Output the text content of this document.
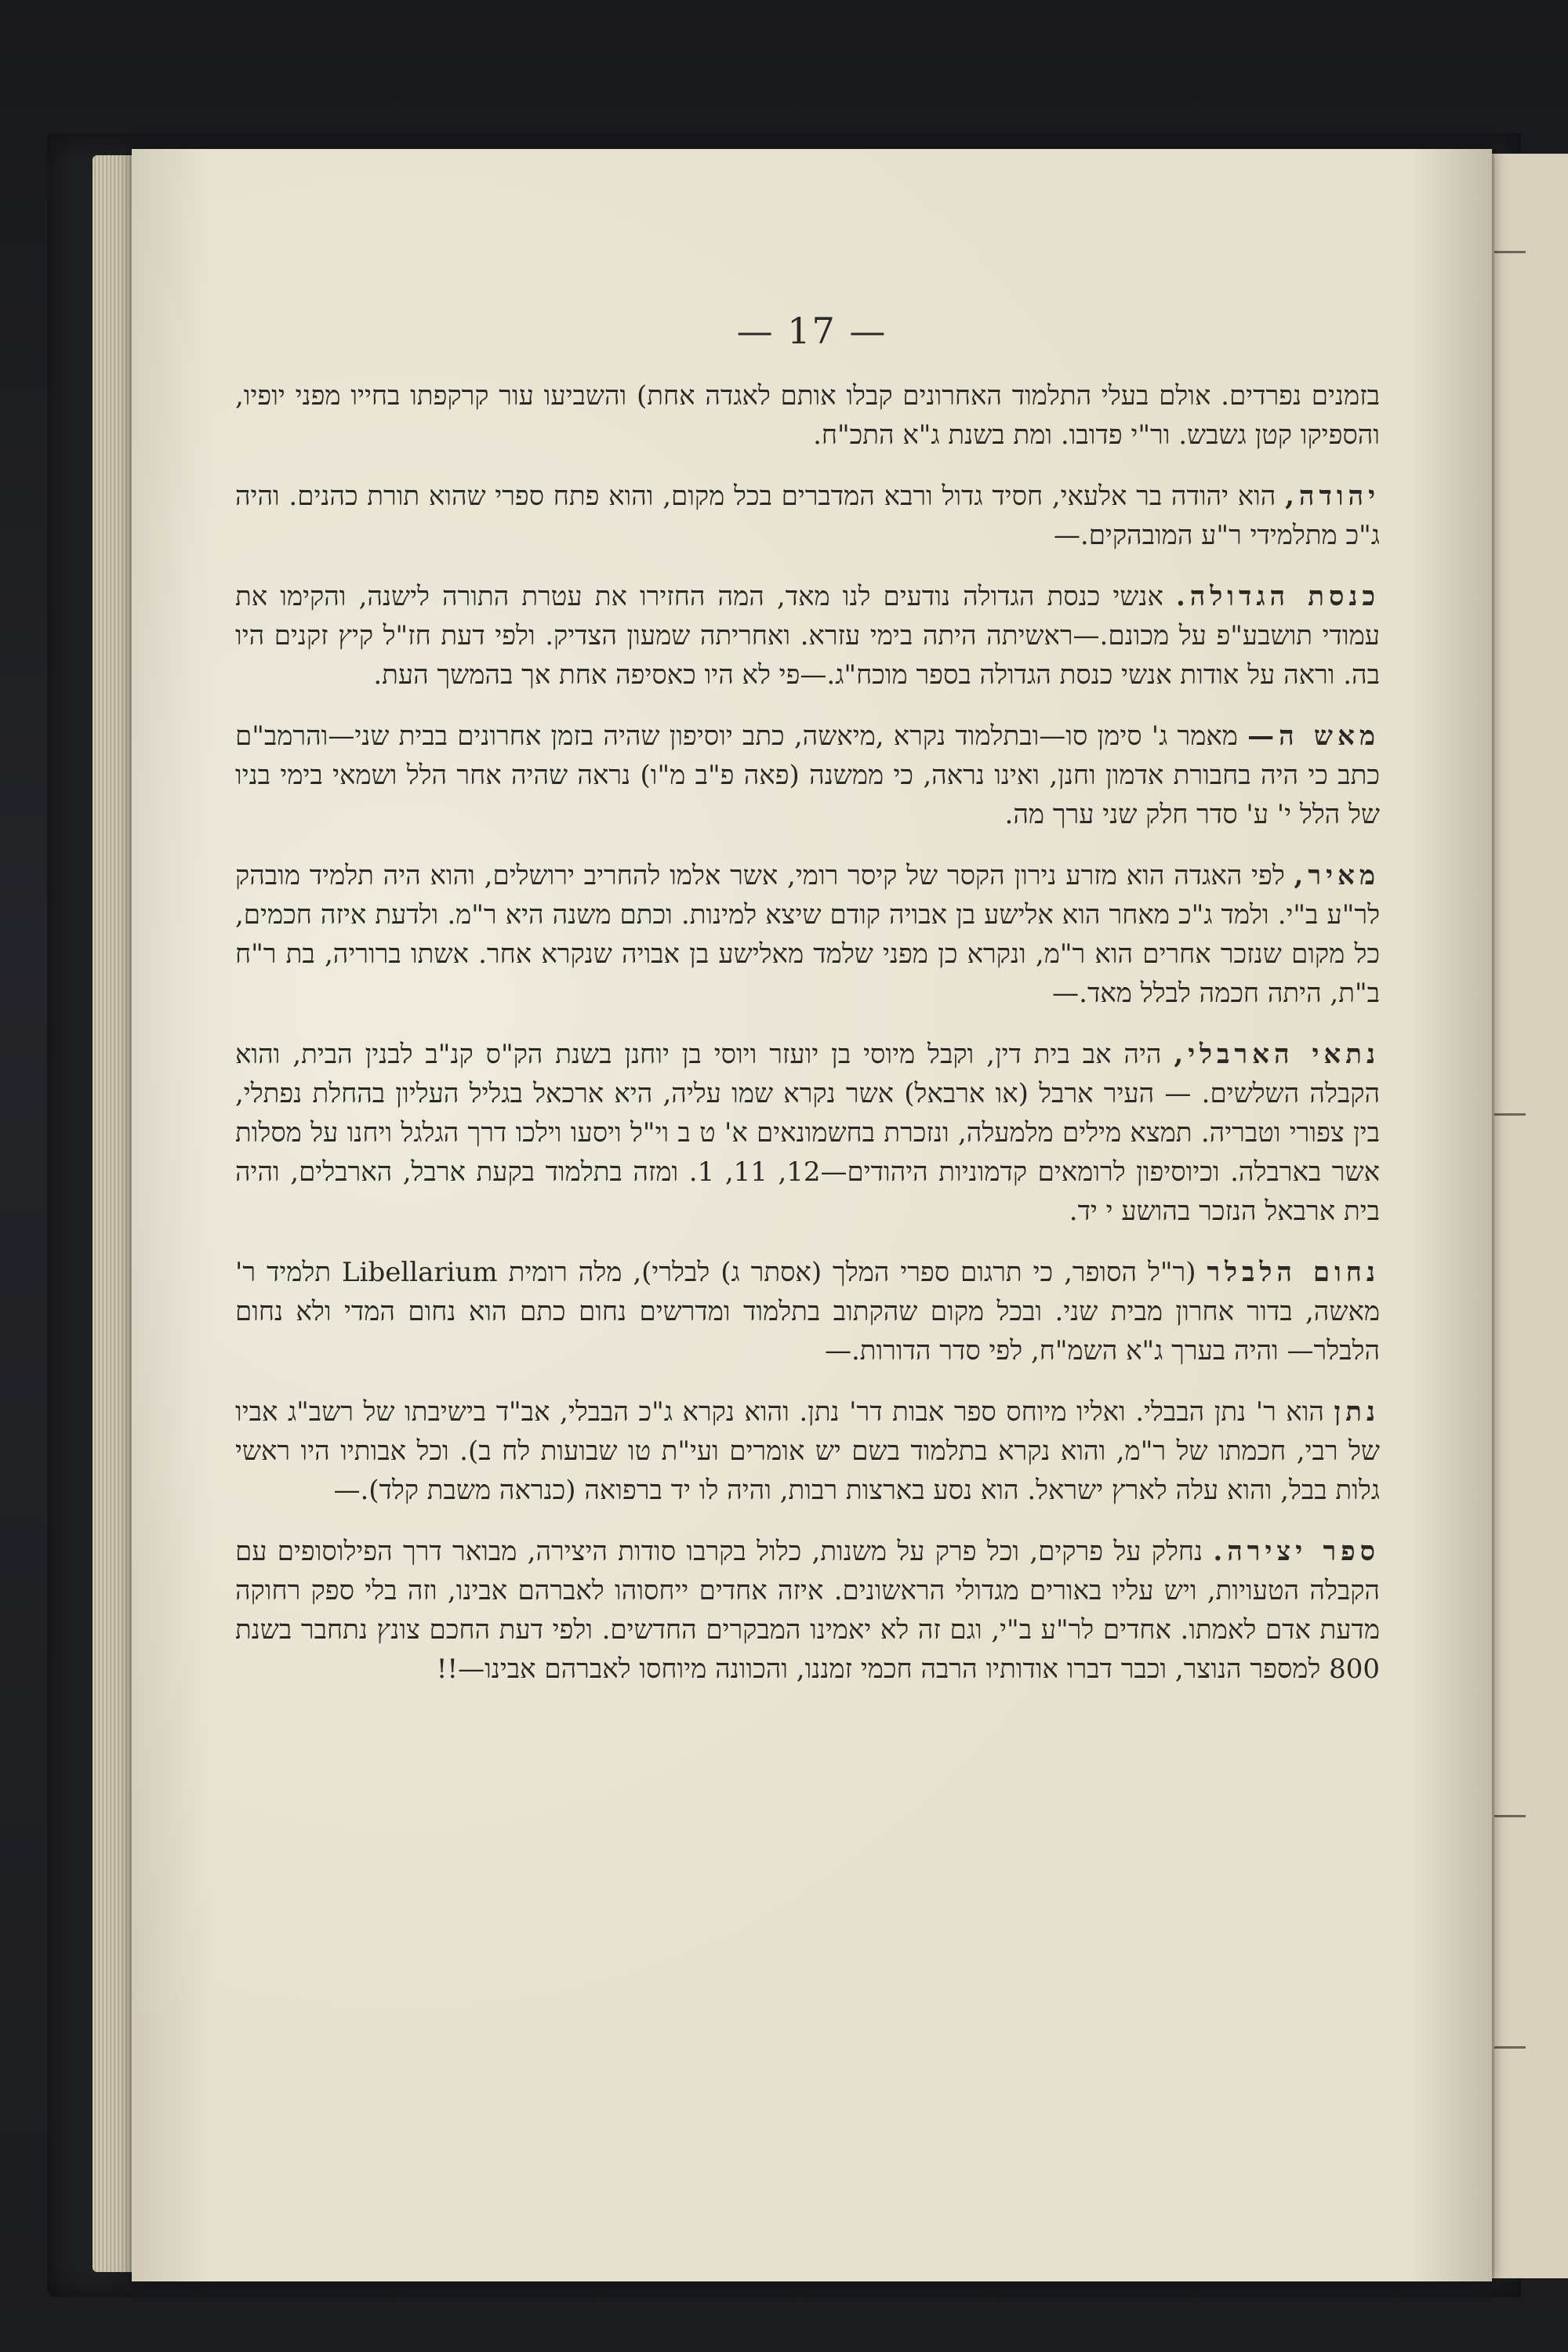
— 17 —

בזמנים נפרדים. אולם בעלי התלמוד האחרונים קבלו אותם לאגדה אחת) והשביעו עור קרקפתו בחייו מפני יופיו, והספיקו קטן גשבש. ור"י פדובו. ומת בשנת ג"א התכ"ח.

יהודה, הוא יהודה בר אלעאי, חסיד גדול ורבא המדברים בכל מקום, והוא פתח ספרי שהוא תורת כהנים. והיה ג"כ מתלמידי ר"ע המובהקים.—

כנסת הגדולה. אנשי כנסת הגדולה נודעים לנו מאד, המה החזירו את עטרת התורה לישנה, והקימו את עמודי תושבע"פ על מכונם.—ראשיתה היתה בימי עזרא. ואחריתה שמעון הצדיק. ולפי דעת חז"ל קיץ זקנים היו בה. וראה על אודות אנשי כנסת הגדולה בספר מוכח"ג.—פי לא היו כאסיפה אחת אך בהמשך העת.

מאש ה— מאמר ג' סימן סו—ובתלמוד נקרא ,מיאשה, כתב יוסיפון שהיה בזמן אחרונים בבית שני—והרמב"ם כתב כי היה בחבורת אדמון וחנן, ואינו נראה, כי ממשנה (פאה פ"ב מ"ו) נראה שהיה אחר הלל ושמאי בימי בניו של הלל י' ע' סדר חלק שני ערך מה.

מאיר, לפי האגדה הוא מזרע נירון הקסר של קיסר רומי, אשר אלמו להחריב ירושלים, והוא היה תלמיד מובהק לר"ע ב"י. ולמד ג"כ מאחר הוא אלישע בן אבויה קודם שיצא למינות. וכתם משנה היא ר"מ. ולדעת איזה חכמים, כל מקום שנזכר אחרים הוא ר"מ, ונקרא כן מפני שלמד מאלישע בן אבויה שנקרא אחר. אשתו ברוריה, בת ר"ח ב"ת, היתה חכמה לבלל מאד.—

נתאי הארבלי, היה אב בית דין, וקבל מיוסי בן יועזר ויוסי בן יוחנן בשנת הק"ס קנ"ב לבנין הבית, והוא הקבלה השלשים. — העיר ארבל (או ארבאל) אשר נקרא שמו עליה, היא ארכאל בגליל העליון בהחלת נפתלי, בין צפורי וטבריה. תמצא מילים מלמעלה, ונזכרת בחשמונאים א' ט ב וי"ל ויסעו וילכו דרך הגלגל ויחנו על מסלות אשר בארבלה. וכיוסיפון לרומאים קדמוניות היהודים—12, 11, 1. ומזה בתלמוד בקעת ארבל, הארבלים, והיה בית ארבאל הנזכר בהושע י יד.

נחום הלבלר (ר"ל הסופר, כי תרגום ספרי המלך (אסתר ג) לבלרי), מלה רומית Libellarium תלמיד ר' מאשה, בדור אחרון מבית שני. ובכל מקום שהקתוב בתלמוד ומדרשים נחום כתם הוא נחום המדי ולא נחום הלבלר— והיה בערך ג"א השמ"ח, לפי סדר הדורות.—

נתן הוא ר' נתן הבבלי. ואליו מיוחס ספר אבות דר' נתן. והוא נקרא ג"כ הבבלי, אב"ד בישיבתו של רשב"ג אביו של רבי, חכמתו של ר"מ, והוא נקרא בתלמוד בשם יש אומרים ועי"ת טו שבועות לח ב). וכל אבותיו היו ראשי גלות בבל, והוא עלה לארץ ישראל. הוא נסע בארצות רבות, והיה לו יד ברפואה (כנראה משבת קלד).—

ספר יצירה. נחלק על פרקים, וכל פרק על משנות, כלול בקרבו סודות היצירה, מבואר דרך הפילוסופים עם הקבלה הטעויות, ויש עליו באורים מגדולי הראשונים. איזה אחדים ייחסוהו לאברהם אבינו, וזה בלי ספק רחוקה מדעת אדם לאמתו. אחדים לר"ע ב"י, וגם זה לא יאמינו המבקרים החדשים. ולפי דעת החכם צונץ נתחבר בשנת 800 למספר הנוצר, וכבר דברו אודותיו הרבה חכמי זמננו, והכוונה מיוחסו לאברהם אבינו—!!
